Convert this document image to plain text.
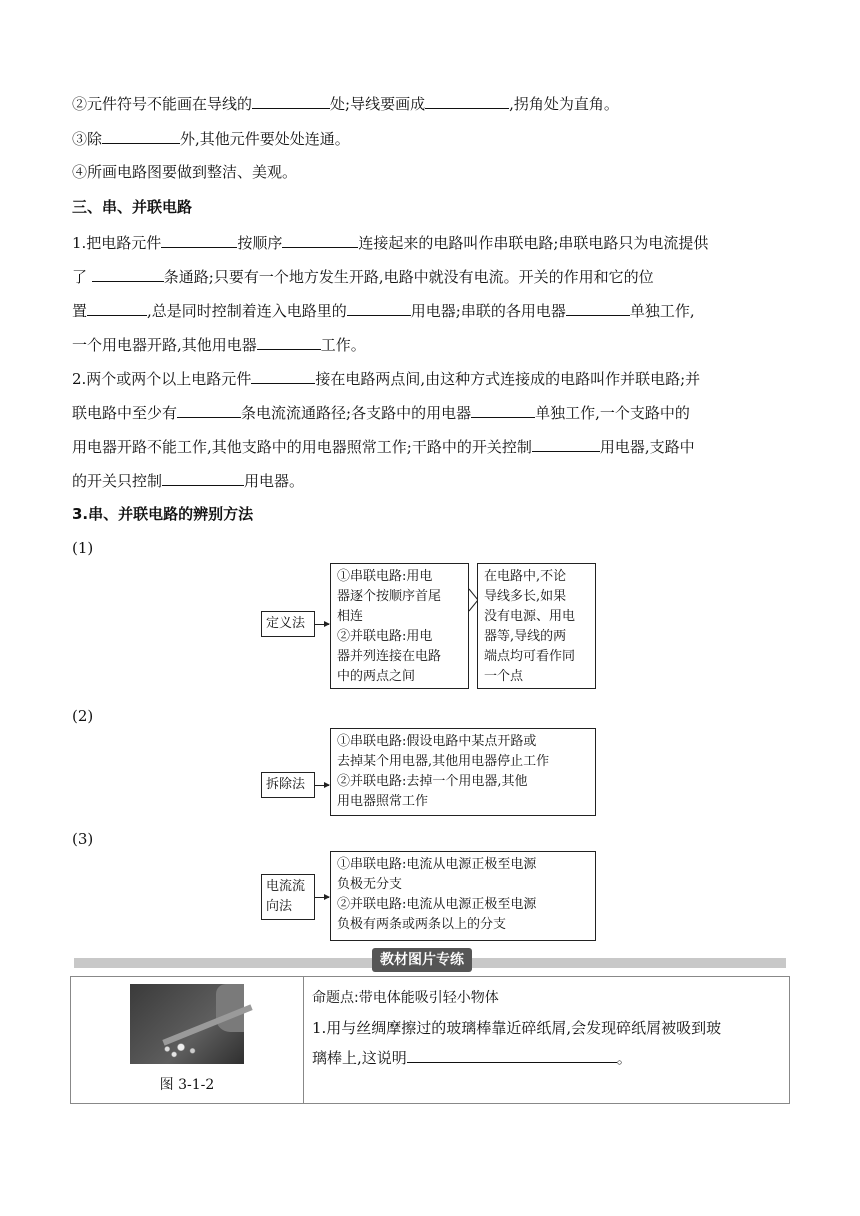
②元件符号不能画在导线的	处;导线要画成	,拐角处为直角。
③除	外,其他元件要处处连通。
④所画电路图要做到整洁、美观。
三、串、并联电路
1.把电路元件	按顺序	连接起来的电路叫作串联电路;串联电路只为电流提供
了	条通路;只要有一个地方发生开路,电路中就没有电流。开关的作用和它的位
置	,总是同时控制着连入电路里的	用电器;串联的各用电器	单独工作,
一个用电器开路,其他用电器	工作。
2.两个或两个以上电路元件	接在电路两点间,由这种方式连接成的电路叫作并联电路;并
联电路中至少有	条电流流通路径;各支路中的用电器	单独工作,一个支路中的
用电器开路不能工作,其他支路中的用电器照常工作;干路中的开关控制	用电器,支路中
的开关只控制	用电器。
3.串、并联电路的辨别方法
(1)
定义法
①串联电路:用电
器逐个按顺序首尾
相连
②并联电路:用电
器并列连接在电路
中的两点之间
在电路中,不论
导线多长,如果
没有电源、用电
器等,导线的两
端点均可看作同
一个点
(2)
拆除法
①串联电路:假设电路中某点开路或
去掉某个用电器,其他用电器停止工作
②并联电路:去掉一个用电器,其他
用电器照常工作
(3)
电流流
向法
①串联电路:电流从电源正极至电源
负极无分支
②并联电路:电流从电源正极至电源
负极有两条或两条以上的分支
教材图片专练
图 3-1-2

命题点:带电体能吸引轻小物体
1.用与丝绸摩擦过的玻璃棒靠近碎纸屑,会发现碎纸屑被吸到玻
璃棒上,这说明	。
